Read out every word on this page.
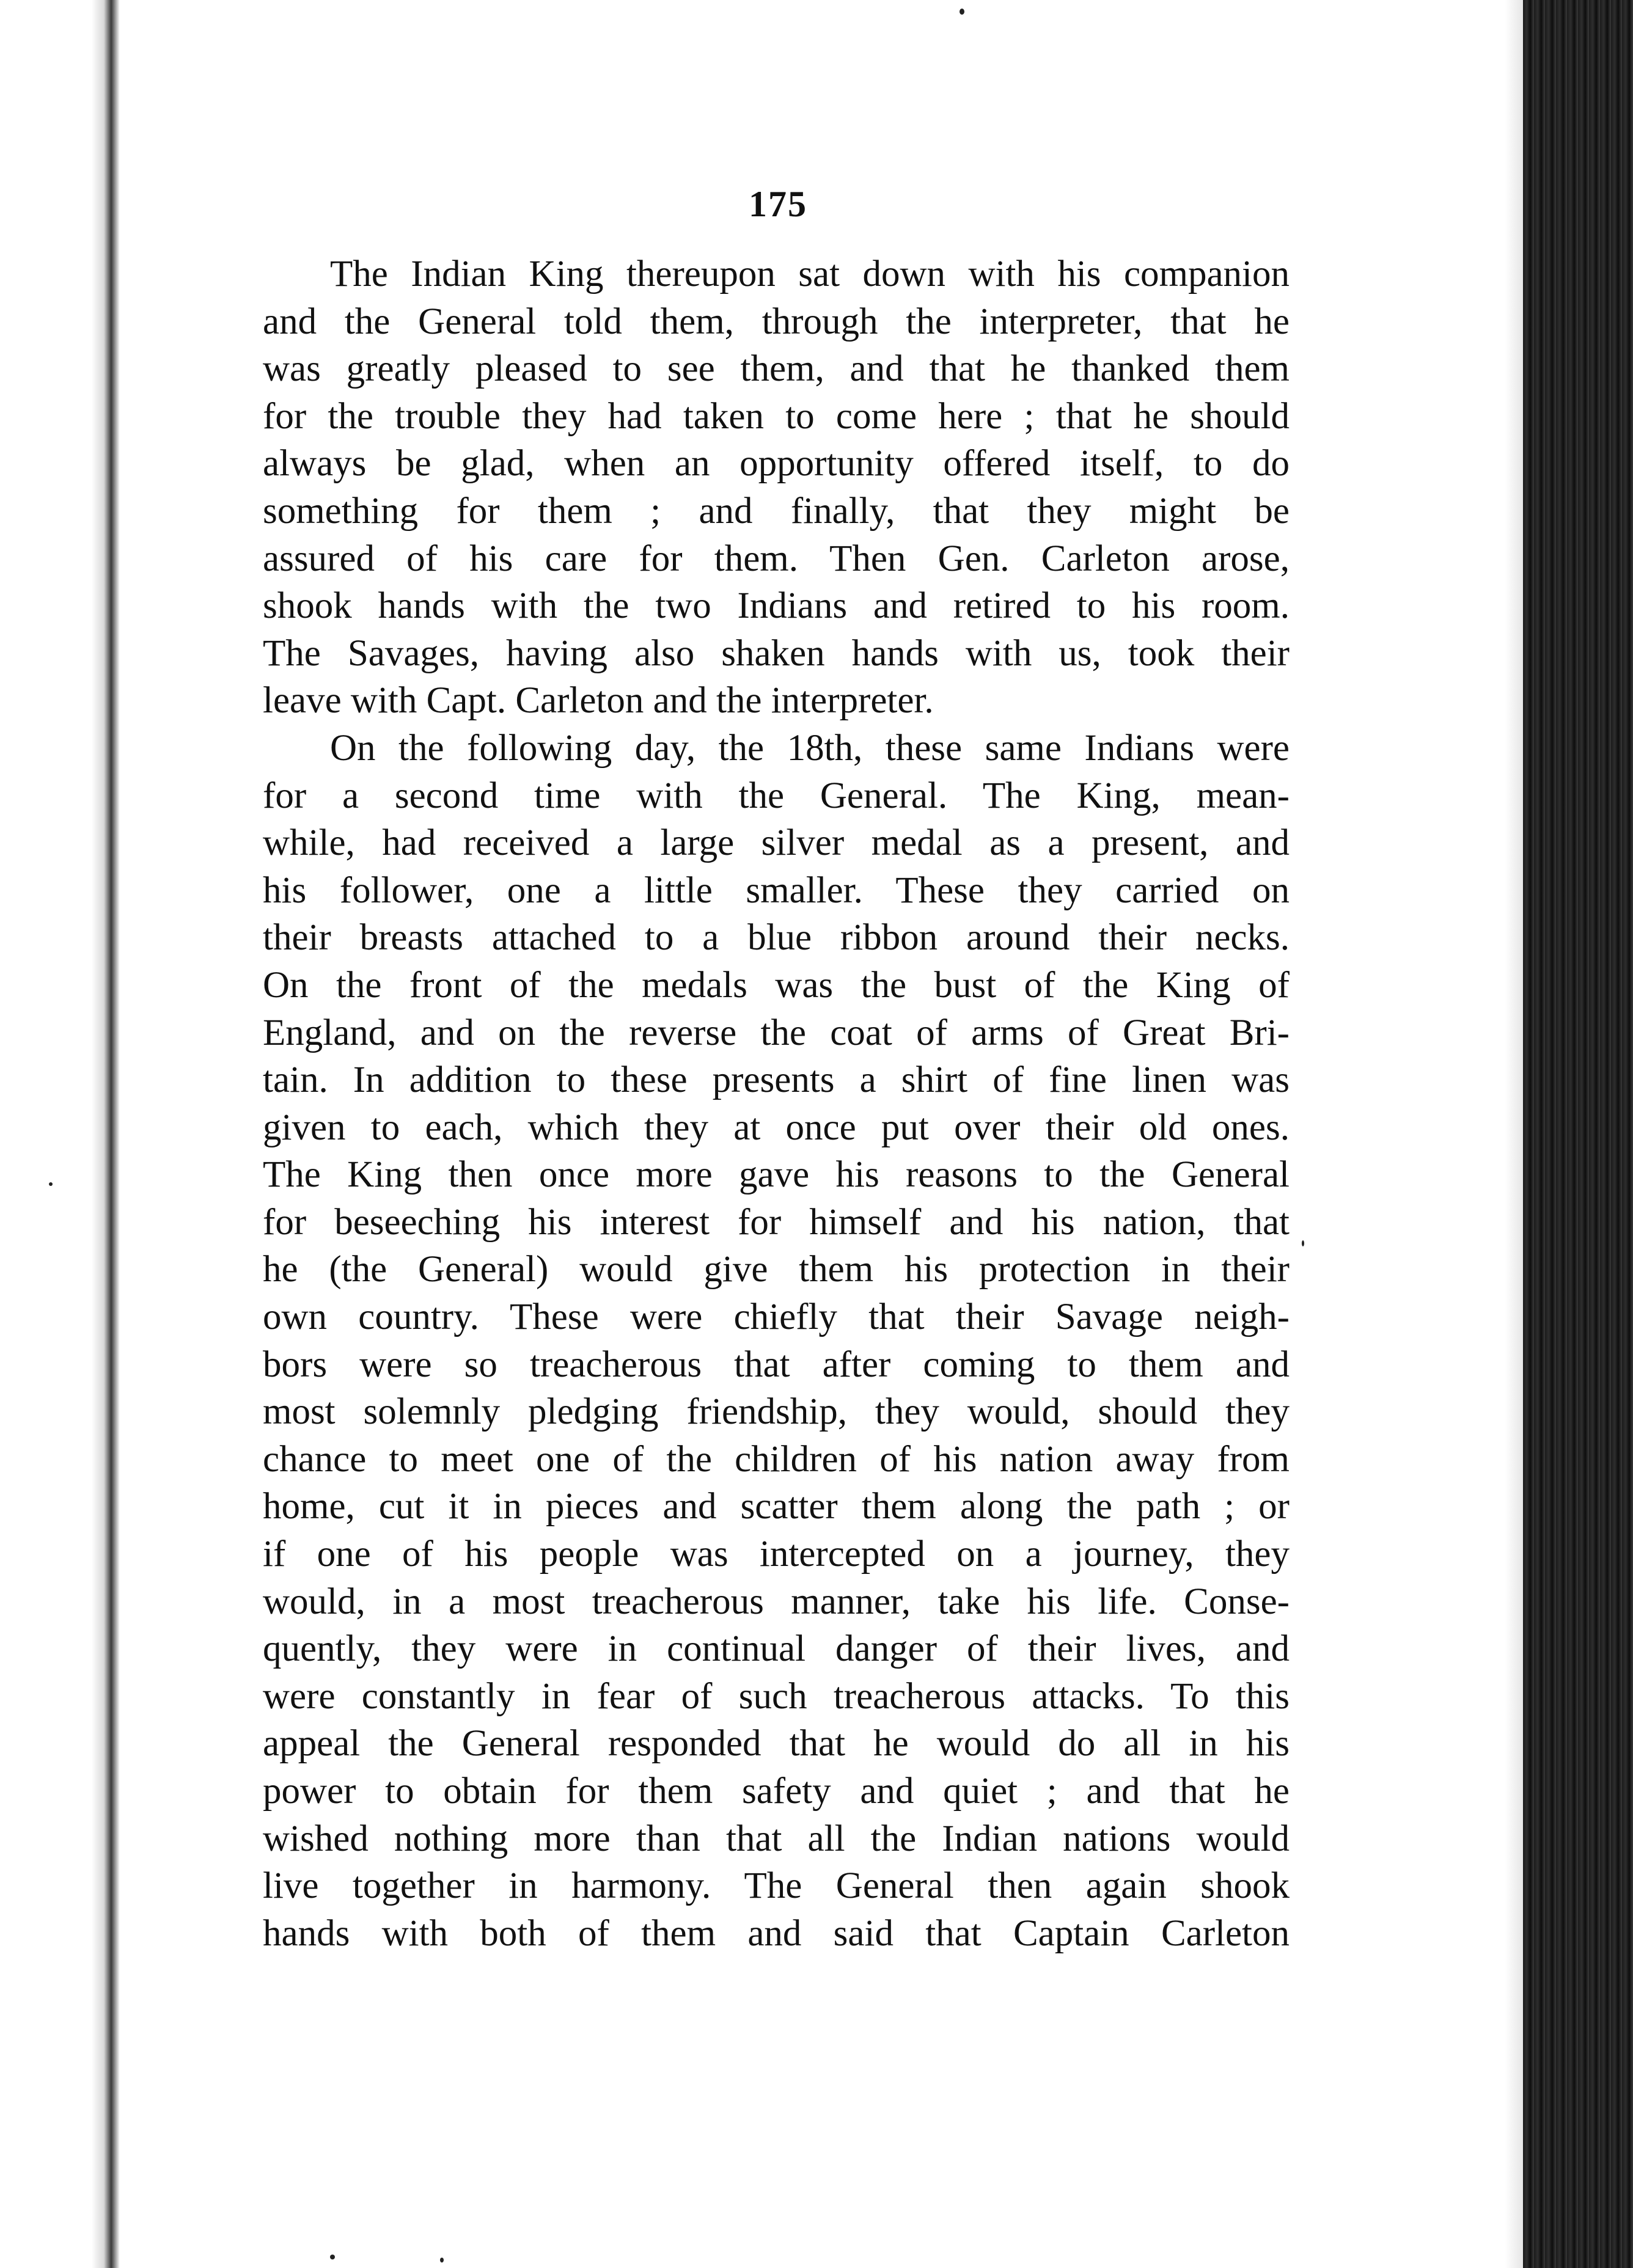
175

The Indian King thereupon sat down with his companion
and the General told them, through the interpreter, that he
was greatly pleased to see them, and that he thanked them
for the trouble they had taken to come here ; that he should
always be glad, when an opportunity offered itself, to do
something for them ; and finally, that they might be
assured of his care for them. Then Gen. Carleton arose,
shook hands with the two Indians and retired to his room.
The Savages, having also shaken hands with us, took their
leave with Capt. Carleton and the interpreter.

On the following day, the 18th, these same Indians were
for a second time with the General. The King, mean-
while, had received a large silver medal as a present, and
his follower, one a little smaller. These they carried on
their breasts attached to a blue ribbon around their necks.
On the front of the medals was the bust of the King of
England, and on the reverse the coat of arms of Great Bri-
tain. In addition to these presents a shirt of fine linen was
given to each, which they at once put over their old ones.
The King then once more gave his reasons to the General
for beseeching his interest for himself and his nation, that
he (the General) would give them his protection in their
own country. These were chiefly that their Savage neigh-
bors were so treacherous that after coming to them and
most solemnly pledging friendship, they would, should they
chance to meet one of the children of his nation away from
home, cut it in pieces and scatter them along the path ; or
if one of his people was intercepted on a journey, they
would, in a most treacherous manner, take his life. Conse-
quently, they were in continual danger of their lives, and
were constantly in fear of such treacherous attacks. To this
appeal the General responded that he would do all in his
power to obtain for them safety and quiet ; and that he
wished nothing more than that all the Indian nations would
live together in harmony. The General then again shook
hands with both of them and said that Captain Carleton
